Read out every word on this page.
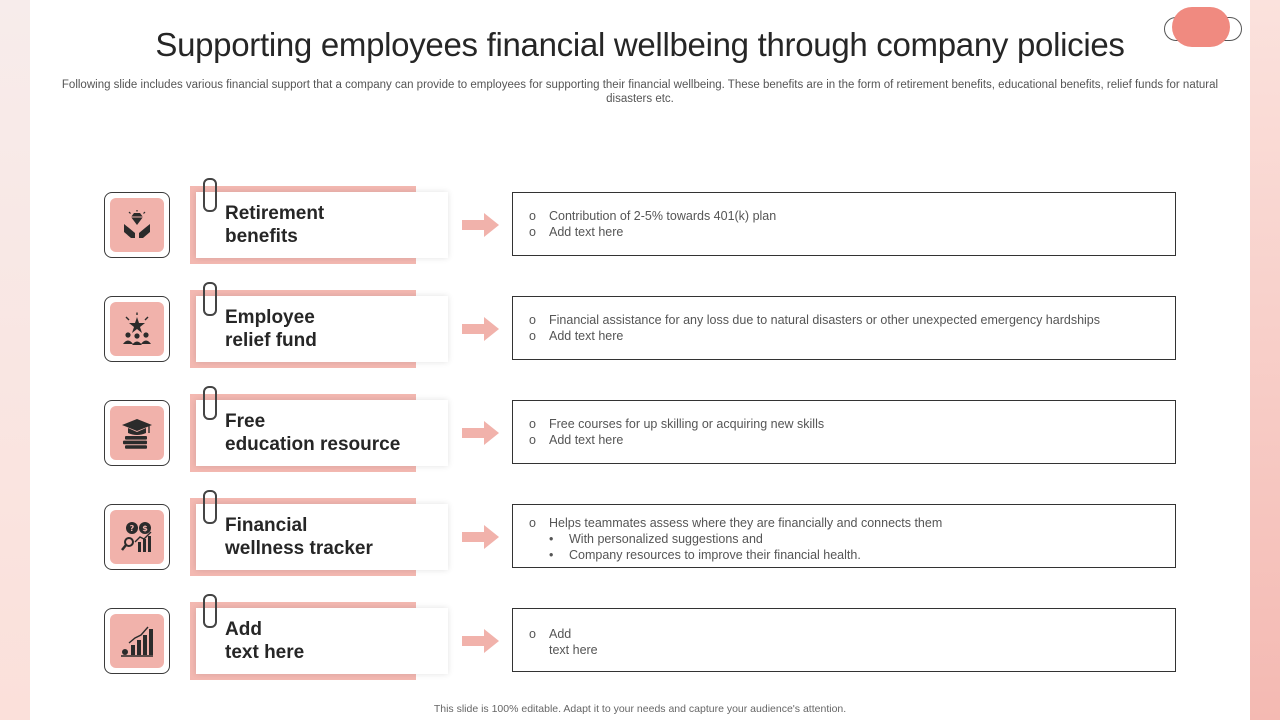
Supporting employees financial wellbeing through company policies
Following slide includes various financial support that a company can provide to employees for supporting their financial wellbeing. These benefits are in the form of retirement benefits, educational benefits, relief funds for natural disasters etc.
Retirement
benefits
o	Contribution of 2-5% towards 401(k) plan
o	Add text here
Employee
relief fund
o	Financial assistance for any loss due to natural disasters or other unexpected emergency hardships
o	Add text here
Free
education resource
o	Free courses for up skilling or acquiring new skills
o	Add text here
? $	Financial
wellness tracker
o	Helps teammates assess where they are financially and connects them
•	With personalized suggestions and
•	Company resources to improve their financial health.
Add
text here
o	Add
text here
This slide is 100% editable. Adapt it to your needs and capture your audience's attention.
